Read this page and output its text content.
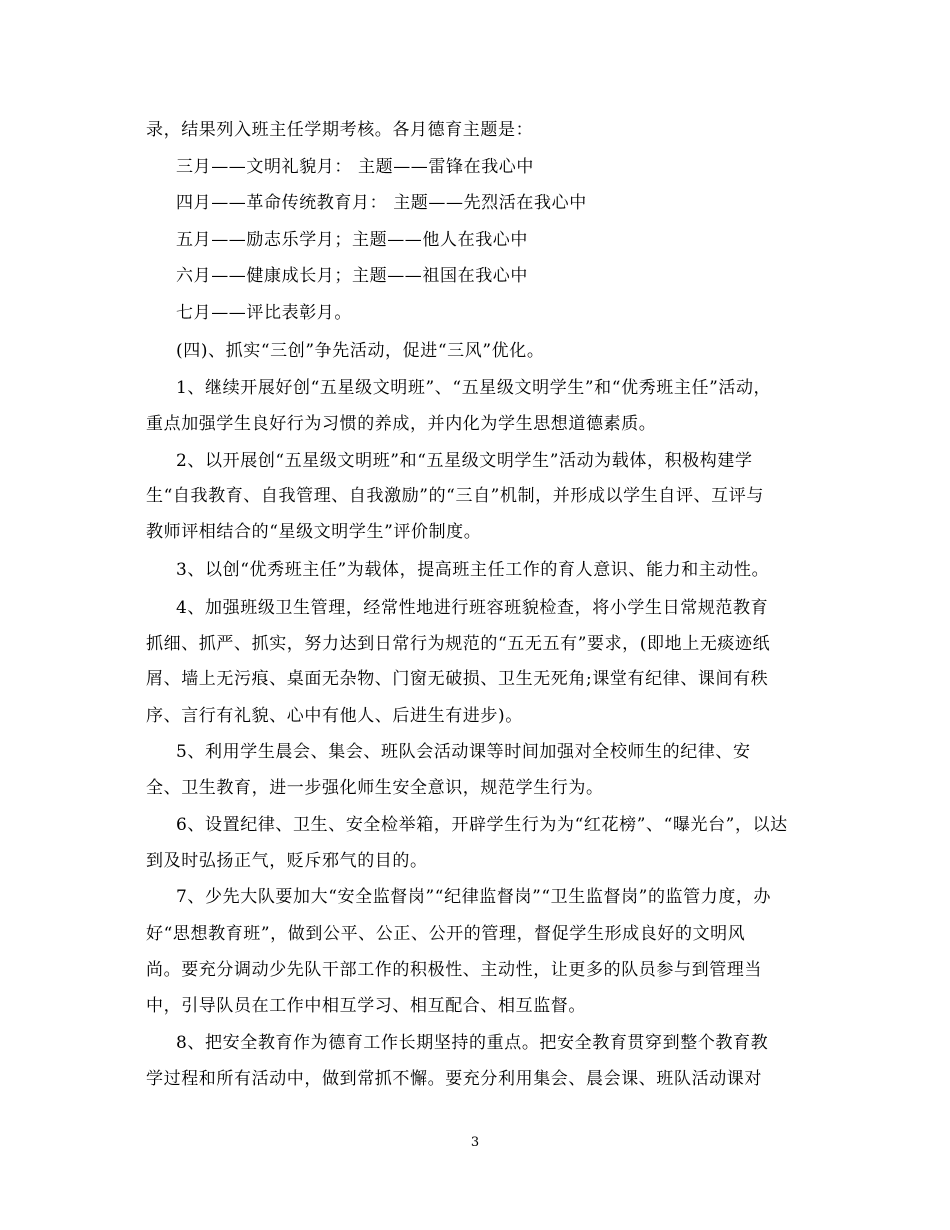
录，结果列入班主任学期考核。各月德育主题是：
三月——文明礼貌月： 主题——雷锋在我心中
四月——革命传统教育月： 主题——先烈活在我心中
五月——励志乐学月；主题——他人在我心中
六月——健康成长月；主题——祖国在我心中
七月——评比表彰月。
(四)、抓实“三创”争先活动，促进“三风”优化。
1、继续开展好创“五星级文明班”、“五星级文明学生”和“优秀班主任”活动，
重点加强学生良好行为习惯的养成，并内化为学生思想道德素质。
2、以开展创“五星级文明班”和“五星级文明学生”活动为载体，积极构建学
生“自我教育、自我管理、自我激励”的“三自”机制，并形成以学生自评、互评与
教师评相结合的“星级文明学生”评价制度。
3、以创“优秀班主任”为载体，提高班主任工作的育人意识、能力和主动性。
4、加强班级卫生管理，经常性地进行班容班貌检查，将小学生日常规范教育
抓细、抓严、抓实，努力达到日常行为规范的“五无五有”要求，(即地上无痰迹纸
屑、墙上无污痕、桌面无杂物、门窗无破损、卫生无死角;课堂有纪律、课间有秩
序、言行有礼貌、心中有他人、后进生有进步)。
5、利用学生晨会、集会、班队会活动课等时间加强对全校师生的纪律、安
全、卫生教育，进一步强化师生安全意识，规范学生行为。
6、设置纪律、卫生、安全检举箱，开辟学生行为为“红花榜”、“曝光台”，以达
到及时弘扬正气，贬斥邪气的目的。
7、少先大队要加大“安全监督岗”“纪律监督岗”“卫生监督岗”的监管力度，办
好“思想教育班”，做到公平、公正、公开的管理，督促学生形成良好的文明风
尚。要充分调动少先队干部工作的积极性、主动性，让更多的队员参与到管理当
中，引导队员在工作中相互学习、相互配合、相互监督。
8、把安全教育作为德育工作长期坚持的重点。把安全教育贯穿到整个教育教
学过程和所有活动中，做到常抓不懈。要充分利用集会、晨会课、班队活动课对
3
